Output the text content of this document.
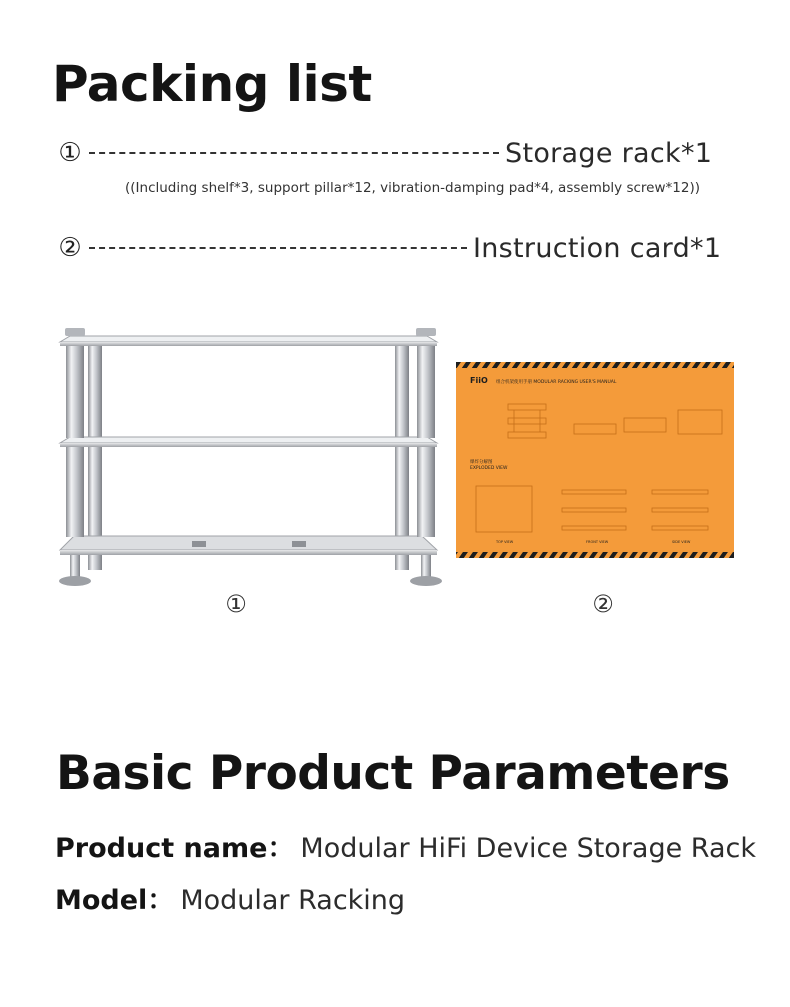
Packing list
①	Storage rack*1
((Including shelf*3, support pillar*12, vibration-damping pad*4, assembly screw*12))
②	Instruction card*1
FiiO 组合机架使用手册 MODULAR RACKING USER'S MANUAL
爆炸分解图
EXPLODED VIEW
TOP VIEW	FRONT VIEW	SIDE VIEW
①	②
Basic Product Parameters
Product name： Modular HiFi Device Storage Rack
Model： Modular Racking
